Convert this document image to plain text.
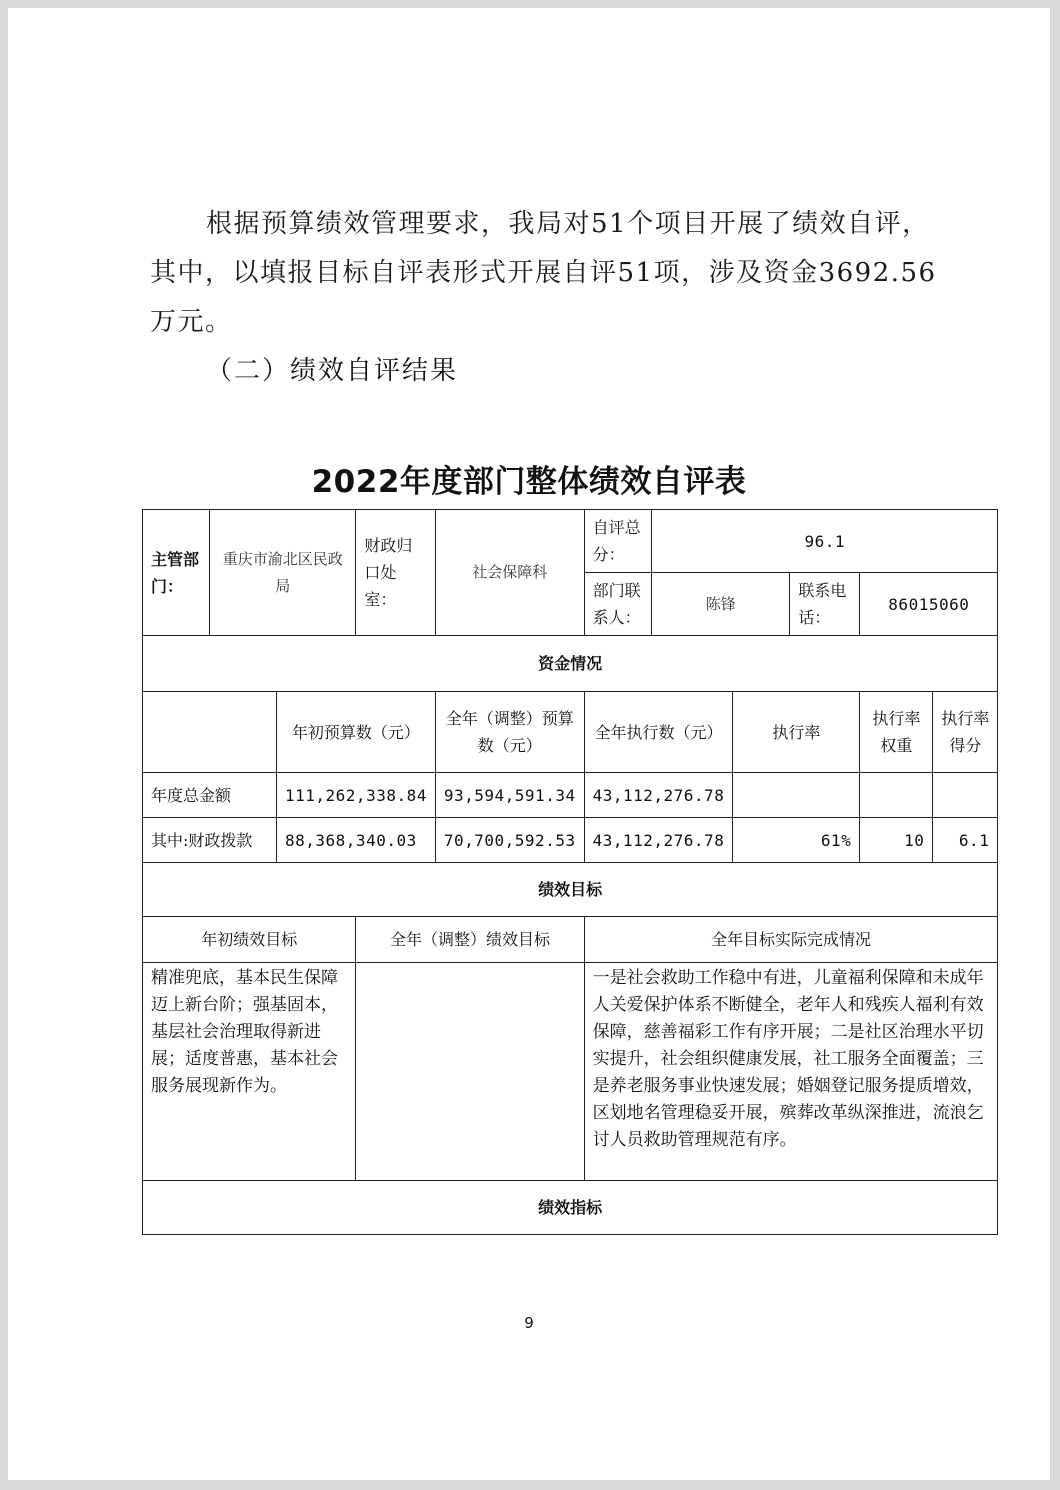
根据预算绩效管理要求，我局对51个项目开展了绩效自评，其中，以填报目标自评表形式开展自评51项，涉及资金3692.56万元。

（二）绩效自评结果

2022年度部门整体绩效自评表
主管部门：	重庆市渝北区民政局		财政归口处室：	社会保障科	自评总分：	96.1				
					部门联系人：	陈锋		联系电话：	86015060	
资金情况										
		年初预算数（元）		全年（调整）预算数（元）	全年执行数（元）		执行率		执行率权重	执行率得分
年度总金额		111,262,338.84		93,594,591.34	43,112,276.78					
其中:财政拨款		88,368,340.03		70,700,592.53	43,112,276.78		61%		10	6.1
绩效目标										
年初绩效目标			全年（调整）绩效目标		全年目标实际完成情况					
精准兜底，基本民生保障迈上新台阶；强基固本，基层社会治理取得新进展；适度普惠，基本社会服务展现新作为。					一是社会救助工作稳中有进，儿童福利保障和未成年人关爱保护体系不断健全，老年人和残疾人福利有效保障，慈善福彩工作有序开展；二是社区治理水平切实提升，社会组织健康发展，社工服务全面覆盖；三是养老服务事业快速发展；婚姻登记服务提质增效，区划地名管理稳妥开展，殡葬改革纵深推进，流浪乞讨人员救助管理规范有序。					
绩效指标										
9
